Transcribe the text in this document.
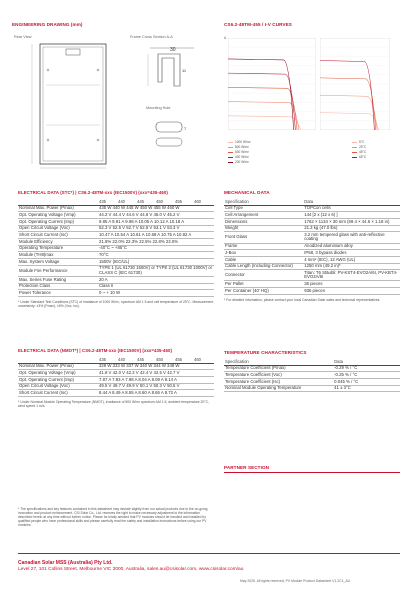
ENGINEERING DRAWING (mm)
Rear View	Frame Cross Section A-A
30
11
Mounting Hole
7
CS6.2-48TM-455 / I-V CURVES
A
1000 W/m²
800 W/m²
600 W/m²
400 W/m²
200 W/m²
5°C
25°C
45°C
65°C
ELECTRICAL DATA (STC*) | CS6.2-48TM-xxx (IEC1500V) (xxx=435-460)
	435 440 445 450 455 460
Nominal Max. Power (Pmax)	435 W 440 W 445 W 450 W 455 W 460 W
Opt. Operating Voltage (Vmp)	44.2 V 44.4 V 44.6 V 44.8 V 45.0 V 45.2 V
Opt. Operating Current (Imp)	9.85 A 9.91 A 9.98 A 10.05 A 10.12 A 10.18 A
Open Circuit Voltage (Voc)	52.3 V 52.5 V 52.7 V 52.9 V 53.1 V 53.3 V
Short Circuit Current (Isc)	10.47 A 10.54 A 10.61 A 10.68 A 10.75 A 10.82 A
Module Efficiency	21.8% 22.0% 22.3% 22.5% 22.8% 23.0%
Operating Temperature	-40°C ~ +85°C
Module (TH8)max	70°C
Max. System Voltage	1500V (IEC/UL)
Module Fire Performance	TYPE 1 (UL 61730 1500V) or TYPE 2 (UL 61730 1000V) or CLASS C (IEC 61730)
Max. Series Fuse Rating	20 A
Protection Class	Class II
Power Tolerance	0 ~ + 10 W
* Under Standard Test Conditions (STC) of irradiance of 1000 W/m², spectrum AM 1.5 and cell temperature of 25°C. Measurement uncertainty: ±3% (Pmax), ±5% (Voc, Isc).
ELECTRICAL DATA (NMOT*) | CS6.2-48TM-xxx (IEC1500V) (xxx=435-460)
	435 440 445 450 455 460
Nominal Max. Power (Pmax)	329 W 333 W 337 W 340 W 344 W 348 W
Opt. Operating Voltage (Vmp)	41.8 V 42.0 V 42.2 V 42.4 V 42.5 V 42.7 V
Opt. Operating Current (Imp)	7.87 A 7.93 A 7.98 A 8.04 A 8.09 A 8.14 A
Open Circuit Voltage (Voc)	49.5 V 49.7 V 49.9 V 50.1 V 50.3 V 50.5 V
Short Circuit Current (Isc)	8.44 A 8.49 A 8.55 A 8.60 A 8.66 A 8.72 A
* Under Nominal Module Operating Temperature (NMOT), irradiance of 800 W/m² spectrum AM 1.5, ambient temperature 20°C, wind speed 1 m/s.
MECHANICAL DATA
Specification	Data
Cell Type	TOPCon cells
Cell Arrangement	144 [2 x (12 x 6) ]
Dimensions	1762 × 1134 × 30 mm (69.4 × 44.6 × 1.18 in)
Weight	21.3 kg (47.0 lbs)
Front Glass	3.2 mm tempered glass with anti-reflective coating
Frame	Anodized aluminium alloy
J-Box	IP68, 3 bypass diodes
Cable	4 mm² (IEC), 12 AWG (UL)
Cable Length (Including Connector)	1250 mm (49.2 in)*
Connector	Titan: T6 Stäubli: PV-KST4-EVO2A/6I, PV-KBT4-EVO2A/6I
Per Pallet	36 pieces
Per Container (40' HQ)	936 pieces
* For detailed information, please contact your local Canadian Solar sales and technical representatives.
TEMPERATURE CHARACTERISTICS
Specification	Data
Temperature Coefficient (Pmax)	-0.29 % / °C
Temperature Coefficient (Voc)	-0.25 % / °C
Temperature Coefficient (Isc)	0.045 % / °C
Nominal Module Operating Temperature	41 ± 3°C
PARTNER SECTION
* The specifications and key features contained in this datasheet may deviate slightly from our actual products due to the on-going innovation and product enhancement. CSI Solar Co., Ltd. reserves the right to make necessary adjustment to the information described herein at any time without further notice. Please be kindly advised that PV modules should be handled and installed by qualified people who have professional skills and please carefully read the safety and installation instructions before using our PV modules.
Canadian Solar MSS (Australia) Pty Ltd.
Level 27, 101 Collins Street, Melbourne VIC 3000, Australia, sales.au@csisolar.com, www.csisolar.com/au
May 2025. All rights reserved, PV Module Product Datasheet V1.2C1_AU
